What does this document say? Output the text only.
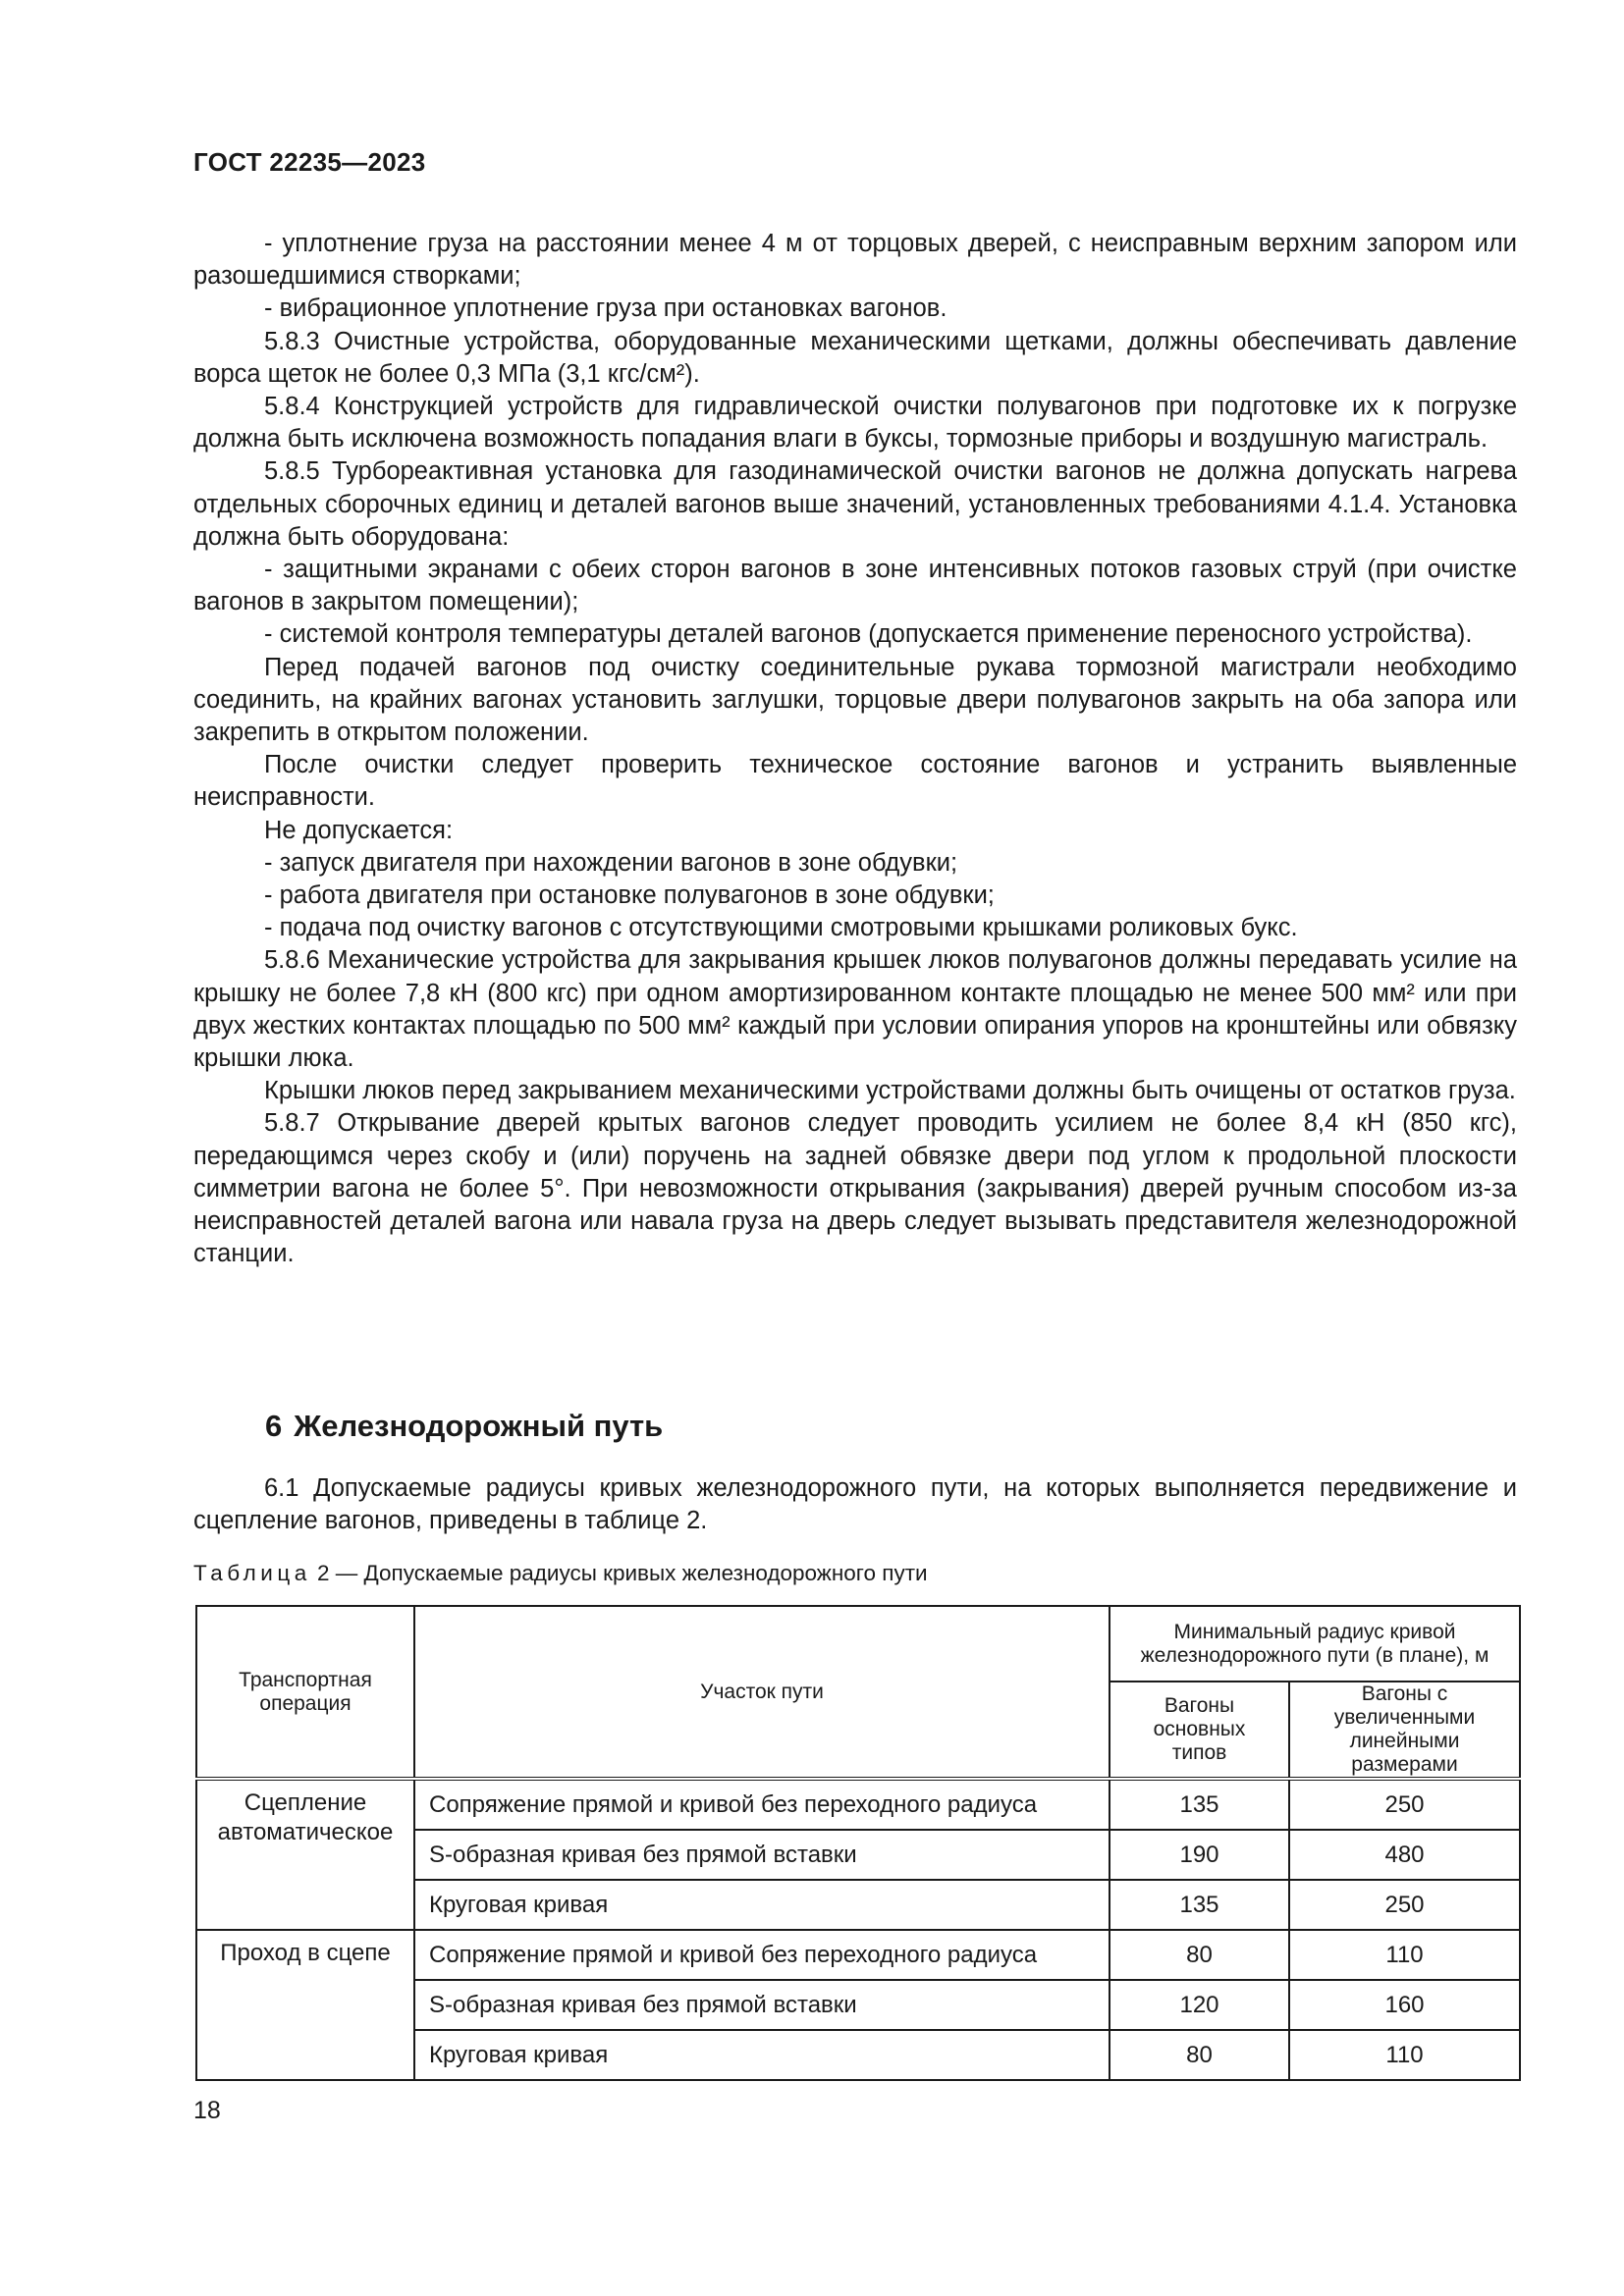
ГОСТ 22235—2023

- уплотнение груза на расстоянии менее 4 м от торцовых дверей, с неисправным верхним запором или разошедшимися створками;

- вибрационное уплотнение груза при остановках вагонов.

5.8.3 Очистные устройства, оборудованные механическими щетками, должны обеспечивать давление ворса щеток не более 0,3 МПа (3,1 кгс/см²).

5.8.4 Конструкцией устройств для гидравлической очистки полувагонов при подготовке их к погрузке должна быть исключена возможность попадания влаги в буксы, тормозные приборы и воздушную магистраль.

5.8.5 Турбореактивная установка для газодинамической очистки вагонов не должна допускать нагрева отдельных сборочных единиц и деталей вагонов выше значений, установленных требованиями 4.1.4. Установка должна быть оборудована:

- защитными экранами с обеих сторон вагонов в зоне интенсивных потоков газовых струй (при очистке вагонов в закрытом помещении);

- системой контроля температуры деталей вагонов (допускается применение переносного устройства).

Перед подачей вагонов под очистку соединительные рукава тормозной магистрали необходимо соединить, на крайних вагонах установить заглушки, торцовые двери полувагонов закрыть на оба запора или закрепить в открытом положении.

После очистки следует проверить техническое состояние вагонов и устранить выявленные неисправности.

Не допускается:

- запуск двигателя при нахождении вагонов в зоне обдувки;

- работа двигателя при остановке полувагонов в зоне обдувки;

- подача под очистку вагонов с отсутствующими смотровыми крышками роликовых букс.

5.8.6 Механические устройства для закрывания крышек люков полувагонов должны передавать усилие на крышку не более 7,8 кН (800 кгс) при одном амортизированном контакте площадью не менее 500 мм² или при двух жестких контактах площадью по 500 мм² каждый при условии опирания упоров на кронштейны или обвязку крышки люка.

Крышки люков перед закрыванием механическими устройствами должны быть очищены от остатков груза.

5.8.7 Открывание дверей крытых вагонов следует проводить усилием не более 8,4 кН (850 кгс), передающимся через скобу и (или) поручень на задней обвязке двери под углом к продольной плоскости симметрии вагона не более 5°. При невозможности открывания (закрывания) дверей ручным способом из-за неисправностей деталей вагона или навала груза на дверь следует вызывать представителя железнодорожной станции.

6 Железнодорожный путь

6.1 Допускаемые радиусы кривых железнодорожного пути, на которых выполняется передвижение и сцепление вагонов, приведены в таблице 2.

Таблица 2 — Допускаемые радиусы кривых железнодорожного пути
Транспортная операция	Участок пути	Минимальный радиус кривой железнодорожного пути (в плане), м	
		Вагоны основных типов	Вагоны с увеличенными линейными размерами
Сцепление автоматическое	Сопряжение прямой и кривой без переходного радиуса	135	250
	S-образная кривая без прямой вставки	190	480
	Круговая кривая	135	250
Проход в сцепе	Сопряжение прямой и кривой без переходного радиуса	80	110
	S-образная кривая без прямой вставки	120	160
	Круговая кривая	80	110
18
